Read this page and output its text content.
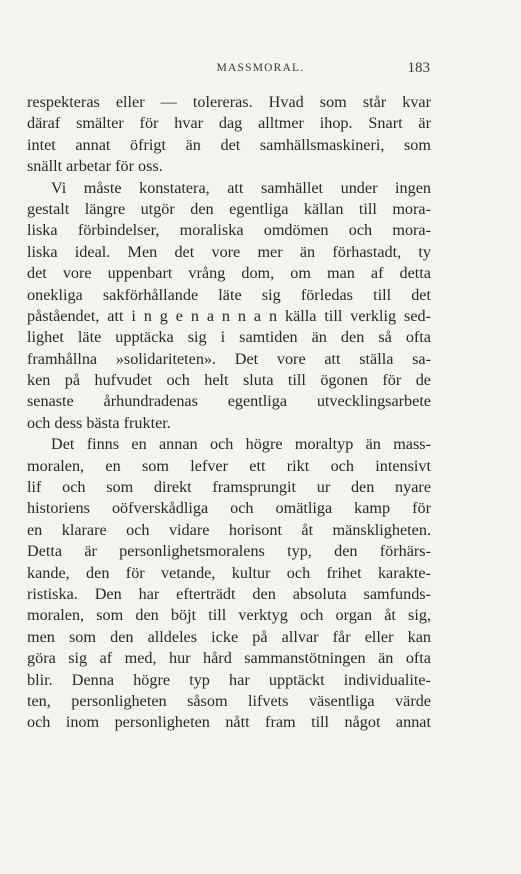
MASSMORAL.	183
respekteras eller — tolereras. Hvad som står kvar
däraf smälter för hvar dag alltmer ihop. Snart är
intet annat öfrigt än det samhällsmaskineri, som
snällt arbetar för oss.
Vi måste konstatera, att samhället under ingen
gestalt längre utgör den egentliga källan till mora-
liska förbindelser, moraliska omdömen och mora-
liska ideal. Men det vore mer än förhastadt, ty
det vore uppenbart vrång dom, om man af detta
onekliga sakförhållande läte sig förledas till det
påståendet, att i n g e n a n n a n källa till verklig sed-
lighet läte upptäcka sig i samtiden än den så ofta
framhållna »solidariteten». Det vore att ställa sa-
ken på hufvudet och helt sluta till ögonen för de
senaste århundradenas egentliga utvecklingsarbete
och dess bästa frukter.
Det finns en annan och högre moraltyp än mass-
moralen, en som lefver ett rikt och intensivt
lif och som direkt framsprungit ur den nyare
historiens oöfverskådliga och omätliga kamp för
en klarare och vidare horisont åt mänskligheten.
Detta är personlighetsmoralens typ, den förhärs-
kande, den för vetande, kultur och frihet karakte-
ristiska. Den har efterträdt den absoluta samfunds-
moralen, som den böjt till verktyg och organ åt sig,
men som den alldeles icke på allvar får eller kan
göra sig af med, hur hård sammanstötningen än ofta
blir. Denna högre typ har upptäckt individualite-
ten, personligheten såsom lifvets väsentliga värde
och inom personligheten nått fram till något annat
